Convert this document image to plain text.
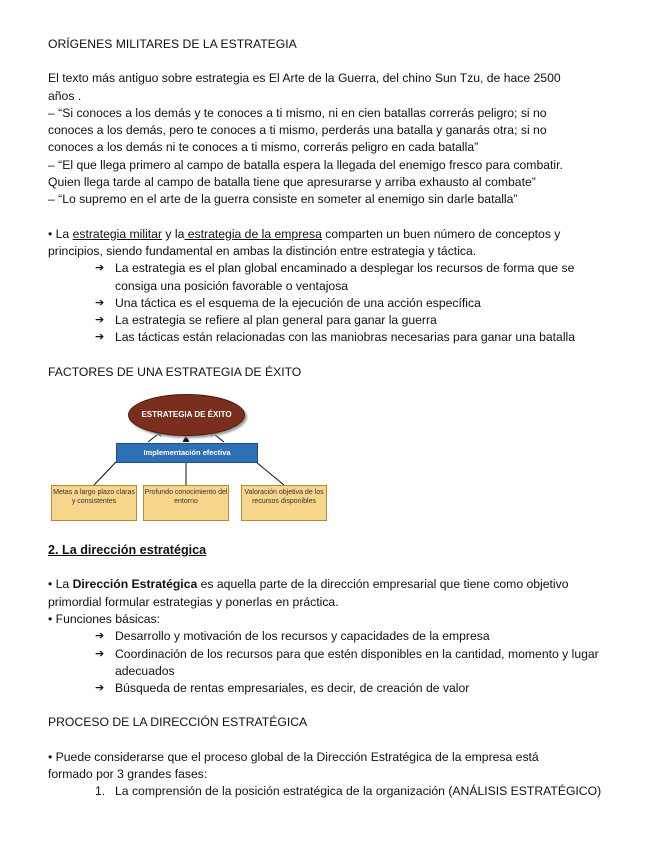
ORÍGENES MILITARES DE LA ESTRATEGIA

El texto más antiguo sobre estrategia es El Arte de la Guerra, del chino Sun Tzu, de hace 2500

años .

– “Si conoces a los demás y te conoces a ti mismo, ni en cien batallas correrás peligro; si no

conoces a los demás, pero te conoces a ti mismo, perderás una batalla y ganarás otra; si no

conoces a los demás ni te conoces a ti mismo, correrás peligro en cada batalla”

– “El que llega primero al campo de batalla espera la llegada del enemigo fresco para combatir.

Quien llega tarde al campo de batalla tiene que apresurarse y arriba exhausto al combate”

– “Lo supremo en el arte de la guerra consiste en someter al enemigo sin darle batalla”

• La estrategia militar y la estrategia de la empresa comparten un buen número de conceptos y

principios, siendo fundamental en ambas la distinción entre estrategia y táctica.

➔ La estrategia es el plan global encaminado a desplegar los recursos de forma que se consiga una posición favorable o ventajosa
➔ Una táctica es el esquema de la ejecución de una acción específica
➔ La estrategia se refiere al plan general para ganar la guerra
➔ Las tácticas están relacionadas con las maniobras necesarias para ganar una batalla

FACTORES DE UNA ESTRATEGIA DE ÉXITO

ESTRATEGIA DE ÉXITO
Implementación efectiva
Metas a largo plazo claras y consistentes
Profundo conocimiento del entorno
Valoración objetiva de los recursos disponibles

2. La dirección estratégica

• La Dirección Estratégica es aquella parte de la dirección empresarial que tiene como objetivo

primordial formular estrategias y ponerlas en práctica.

• Funciones básicas:

➔ Desarrollo y motivación de los recursos y capacidades de la empresa
➔ Coordinación de los recursos para que estén disponibles en la cantidad, momento y lugar adecuados
➔ Búsqueda de rentas empresariales, es decir, de creación de valor

PROCESO DE LA DIRECCIÓN ESTRATÉGICA

• Puede considerarse que el proceso global de la Dirección Estratégica de la empresa está

formado por 3 grandes fases:

1. La comprensión de la posición estratégica de la organización (ANÁLISIS ESTRATÉGICO)
